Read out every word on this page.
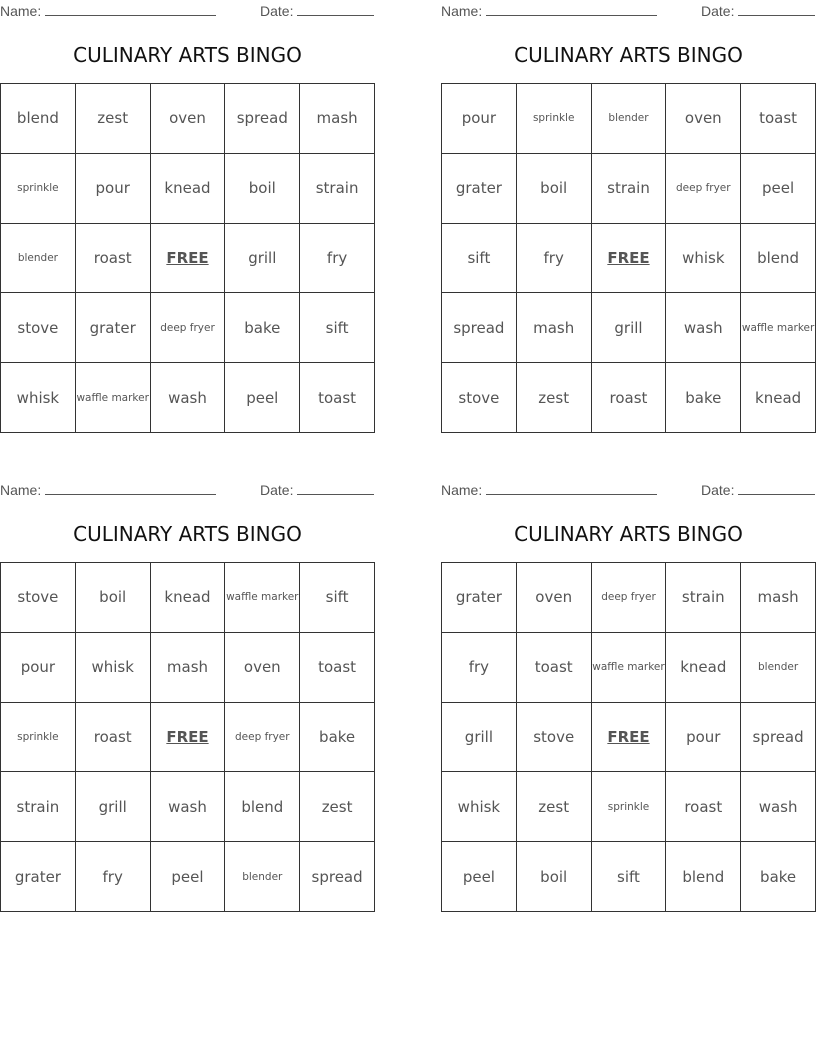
Name:	Date:
CULINARY ARTS BINGO
blend	zest	oven	spread	mash
sprinkle	pour	knead	boil	strain
blender	roast	FREE	grill	fry
stove	grater	deep fryer	bake	sift
whisk	waffle marker	wash	peel	toast
Name:	Date:
CULINARY ARTS BINGO
pour	sprinkle	blender	oven	toast
grater	boil	strain	deep fryer	peel
sift	fry	FREE	whisk	blend
spread	mash	grill	wash	waffle marker
stove	zest	roast	bake	knead
Name:	Date:
CULINARY ARTS BINGO
stove	boil	knead	waffle marker	sift
pour	whisk	mash	oven	toast
sprinkle	roast	FREE	deep fryer	bake
strain	grill	wash	blend	zest
grater	fry	peel	blender	spread
Name:	Date:
CULINARY ARTS BINGO
grater	oven	deep fryer	strain	mash
fry	toast	waffle marker	knead	blender
grill	stove	FREE	pour	spread
whisk	zest	sprinkle	roast	wash
peel	boil	sift	blend	bake
